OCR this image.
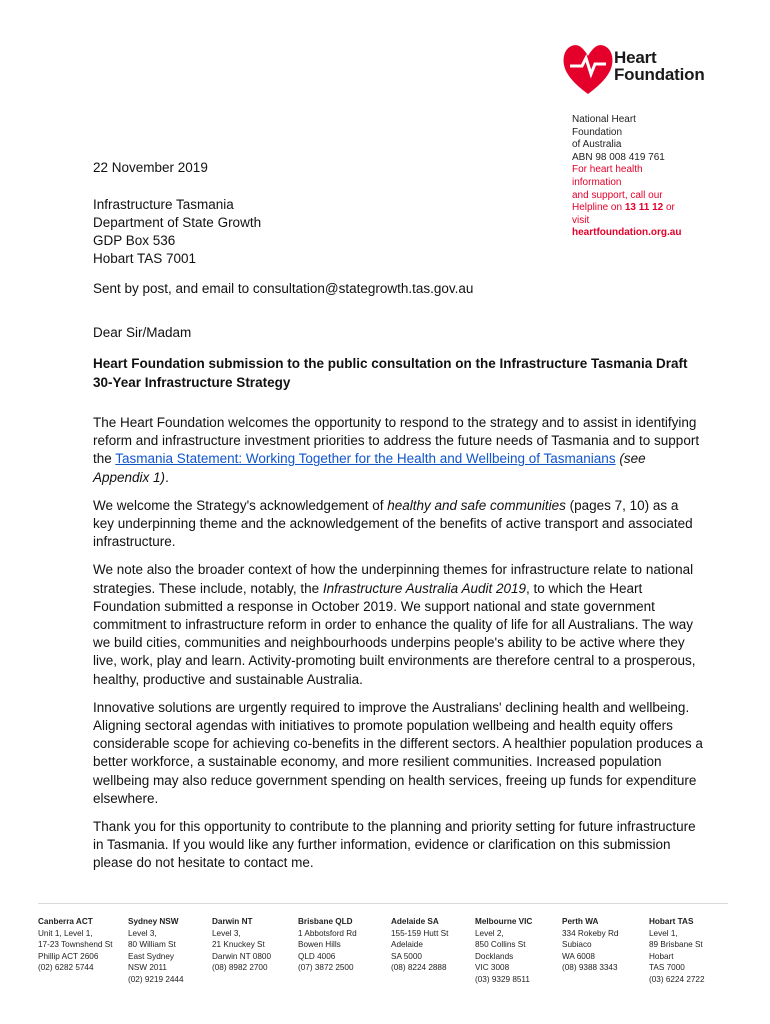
Heart
Foundation
National Heart
Foundation
of Australia
ABN 98 008 419 761
For heart health
information
and support, call our
Helpline on 13 11 12 or
visit
heartfoundation.org.au
22 November 2019
Infrastructure Tasmania
Department of State Growth
GDP Box 536
Hobart TAS 7001
Sent by post, and email to consultation@stategrowth.tas.gov.au
Dear Sir/Madam
Heart Foundation submission to the public consultation on the Infrastructure Tasmania Draft 30-Year Infrastructure Strategy

The Heart Foundation welcomes the opportunity to respond to the strategy and to assist in identifying reform and infrastructure investment priorities to address the future needs of Tasmania and to support the Tasmania Statement: Working Together for the Health and Wellbeing of Tasmanians (see Appendix 1).

We welcome the Strategy's acknowledgement of healthy and safe communities (pages 7, 10) as a key underpinning theme and the acknowledgement of the benefits of active transport and associated infrastructure.

We note also the broader context of how the underpinning themes for infrastructure relate to national strategies. These include, notably, the Infrastructure Australia Audit 2019, to which the Heart Foundation submitted a response in October 2019. We support national and state government commitment to infrastructure reform in order to enhance the quality of life for all Australians. The way we build cities, communities and neighbourhoods underpins people's ability to be active where they live, work, play and learn. Activity-promoting built environments are therefore central to a prosperous, healthy, productive and sustainable Australia.

Innovative solutions are urgently required to improve the Australians' declining health and wellbeing. Aligning sectoral agendas with initiatives to promote population wellbeing and health equity offers considerable scope for achieving co-benefits in the different sectors. A healthier population produces a better workforce, a sustainable economy, and more resilient communities. Increased population wellbeing may also reduce government spending on health services, freeing up funds for expenditure elsewhere.

Thank you for this opportunity to contribute to the planning and priority setting for future infrastructure in Tasmania. If you would like any further information, evidence or clarification on this submission please do not hesitate to contact me.

Canberra ACT
Unit 1, Level 1,
17-23 Townshend St
Phillip ACT 2606
(02) 6282 5744
Sydney NSW
Level 3,
80 William St
East Sydney
NSW 2011
(02) 9219 2444
Darwin NT
Level 3,
21 Knuckey St
Darwin NT 0800
(08) 8982 2700
Brisbane QLD
1 Abbotsford Rd
Bowen Hills
QLD 4006
(07) 3872 2500
Adelaide SA
155-159 Hutt St
Adelaide
SA 5000
(08) 8224 2888
Melbourne VIC
Level 2,
850 Collins St
Docklands
VIC 3008
(03) 9329 8511
Perth WA
334 Rokeby Rd
Subiaco
WA 6008
(08) 9388 3343
Hobart TAS
Level 1,
89 Brisbane St
Hobart
TAS 7000
(03) 6224 2722
